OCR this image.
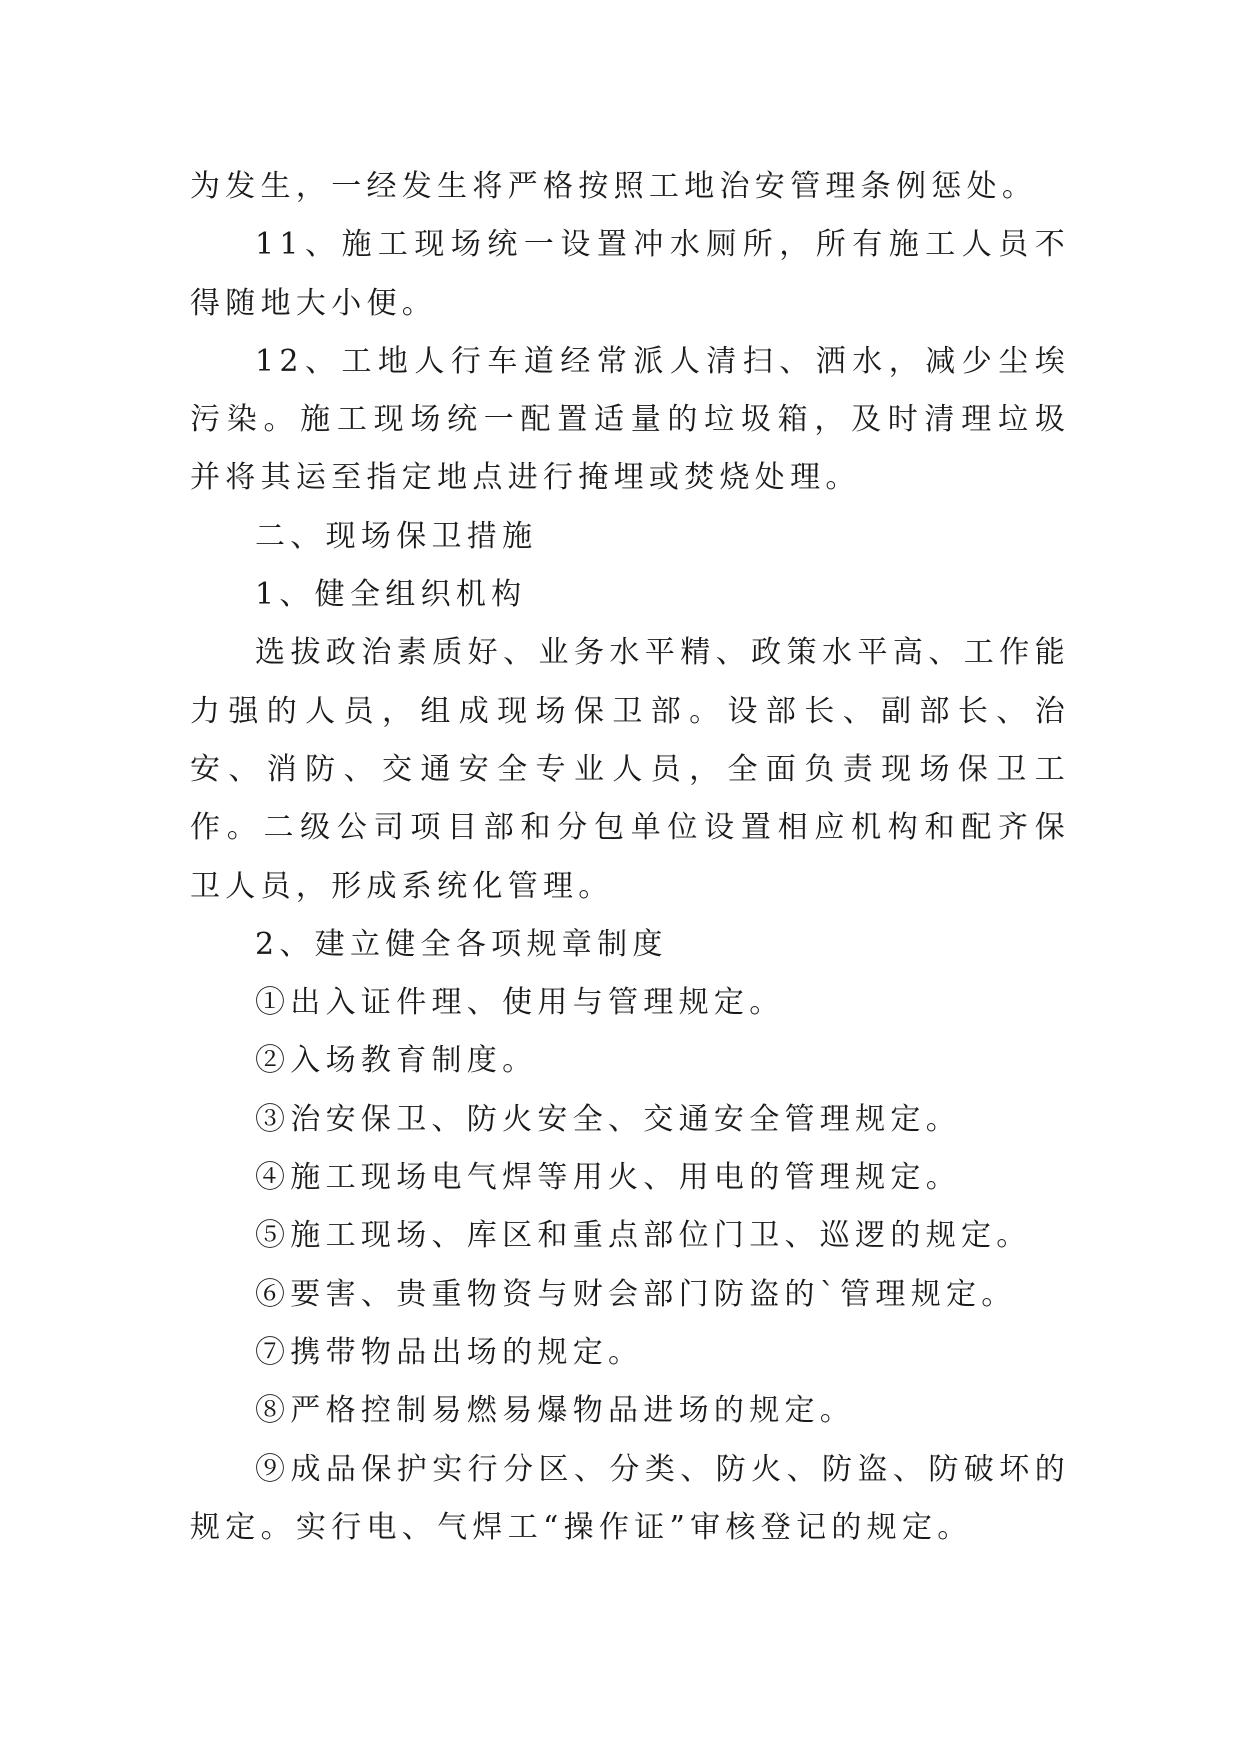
为发生，一经发生将严格按照工地治安管理条例惩处。

11、施工现场统一设置冲水厕所，所有施工人员不得随地大小便。

12、工地人行车道经常派人清扫、洒水，减少尘埃污染。施工现场统一配置适量的垃圾箱，及时清理垃圾并将其运至指定地点进行掩埋或焚烧处理。

二、现场保卫措施

1、健全组织机构

选拔政治素质好、业务水平精、政策水平高、工作能力强的人员，组成现场保卫部。设部长、副部长、治安、消防、交通安全专业人员，全面负责现场保卫工作。二级公司项目部和分包单位设置相应机构和配齐保卫人员，形成系统化管理。

2、建立健全各项规章制度

①出入证件理、使用与管理规定。

②入场教育制度。

③治安保卫、防火安全、交通安全管理规定。

④施工现场电气焊等用火、用电的管理规定。

⑤施工现场、库区和重点部位门卫、巡逻的规定。

⑥要害、贵重物资与财会部门防盗的`管理规定。

⑦携带物品出场的规定。

⑧严格控制易燃易爆物品进场的规定。

⑨成品保护实行分区、分类、防火、防盗、防破坏的规定。实行电、气焊工“操作证”审核登记的规定。
